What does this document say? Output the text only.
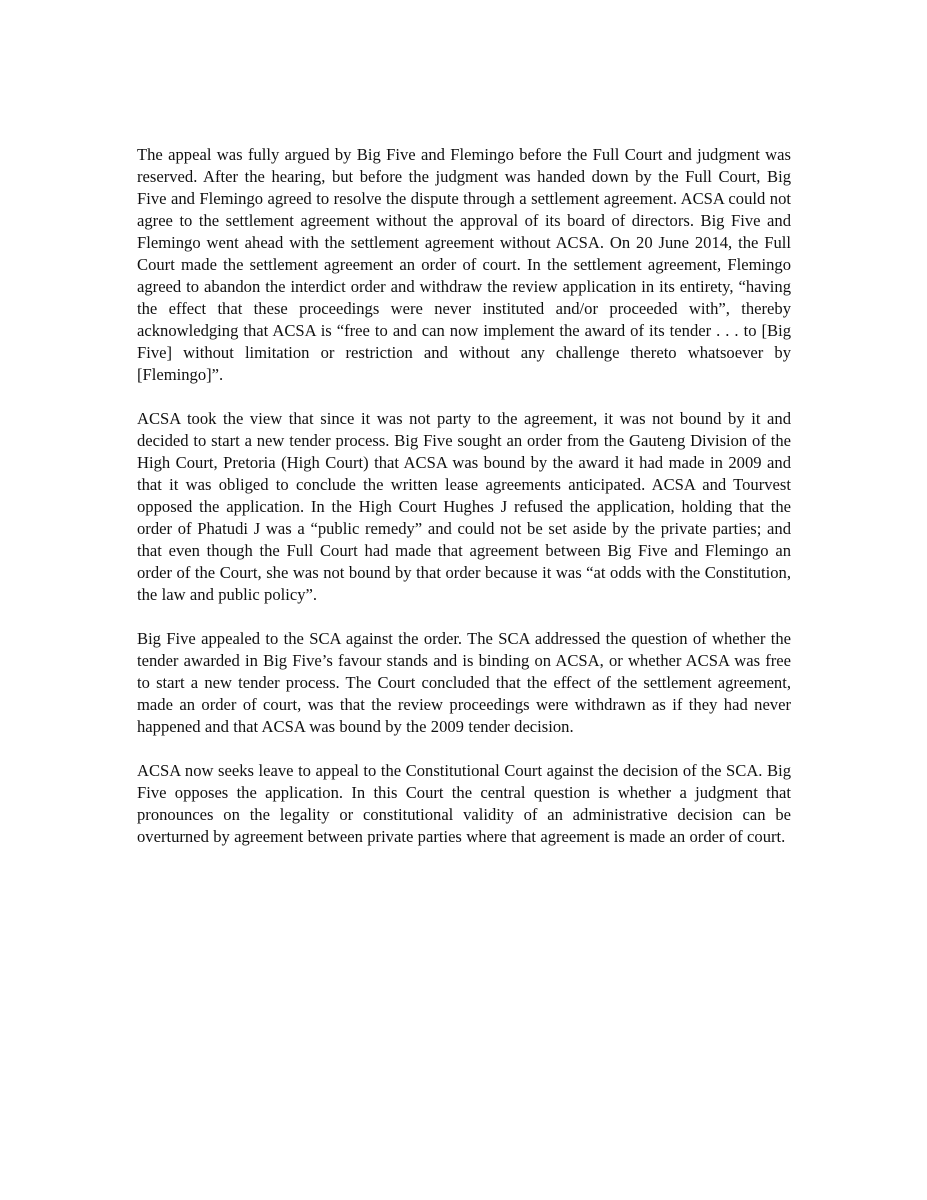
The appeal was fully argued by Big Five and Flemingo before the Full Court and judgment was reserved. After the hearing, but before the judgment was handed down by the Full Court, Big Five and Flemingo agreed to resolve the dispute through a settlement agreement. ACSA could not agree to the settlement agreement without the approval of its board of directors. Big Five and Flemingo went ahead with the settlement agreement without ACSA. On 20 June 2014, the Full Court made the settlement agreement an order of court. In the settlement agreement, Flemingo agreed to abandon the interdict order and withdraw the review application in its entirety, “having the effect that these proceedings were never instituted and/or proceeded with”, thereby acknowledging that ACSA is “free to and can now implement the award of its tender . . . to [Big Five] without limitation or restriction and without any challenge thereto whatsoever by [Flemingo]”.

ACSA took the view that since it was not party to the agreement, it was not bound by it and decided to start a new tender process. Big Five sought an order from the Gauteng Division of the High Court, Pretoria (High Court) that ACSA was bound by the award it had made in 2009 and that it was obliged to conclude the written lease agreements anticipated. ACSA and Tourvest opposed the application. In the High Court Hughes J refused the application, holding that the order of Phatudi J was a “public remedy” and could not be set aside by the private parties; and that even though the Full Court had made that agreement between Big Five and Flemingo an order of the Court, she was not bound by that order because it was “at odds with the Constitution, the law and public policy”.

Big Five appealed to the SCA against the order. The SCA addressed the question of whether the tender awarded in Big Five’s favour stands and is binding on ACSA, or whether ACSA was free to start a new tender process. The Court concluded that the effect of the settlement agreement, made an order of court, was that the review proceedings were withdrawn as if they had never happened and that ACSA was bound by the 2009 tender decision.

ACSA now seeks leave to appeal to the Constitutional Court against the decision of the SCA. Big Five opposes the application. In this Court the central question is whether a judgment that pronounces on the legality or constitutional validity of an administrative decision can be overturned by agreement between private parties where that agreement is made an order of court.
